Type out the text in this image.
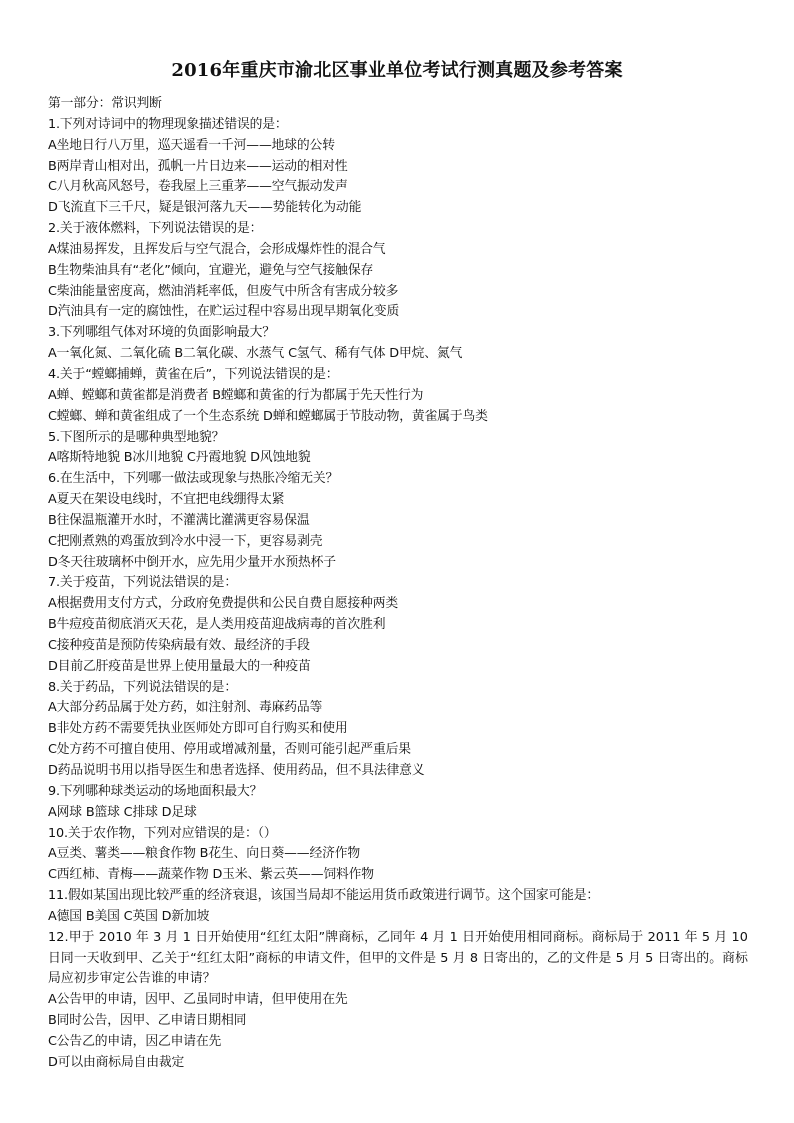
2016年重庆市渝北区事业单位考试行测真题及参考答案
第一部分：常识判断
1.下列对诗词中的物理现象描述错误的是：
A坐地日行八万里，巡天遥看一千河——地球的公转
B两岸青山相对出，孤帆一片日边来——运动的相对性
C八月秋高风怒号，卷我屋上三重茅——空气振动发声
D飞流直下三千尺，疑是银河落九天——势能转化为动能
2.关于液体燃料，下列说法错误的是：
A煤油易挥发，且挥发后与空气混合，会形成爆炸性的混合气
B生物柴油具有“老化”倾向，宜避光，避免与空气接触保存
C柴油能量密度高，燃油消耗率低，但废气中所含有害成分较多
D汽油具有一定的腐蚀性，在贮运过程中容易出现早期氧化变质
3.下列哪组气体对环境的负面影响最大？
A一氧化氮、二氧化硫 B二氧化碳、水蒸气 C氢气、稀有气体 D甲烷、氮气
4.关于“螳螂捕蝉，黄雀在后”，下列说法错误的是：
A蝉、螳螂和黄雀都是消费者 B螳螂和黄雀的行为都属于先天性行为
C螳螂、蝉和黄雀组成了一个生态系统 D蝉和螳螂属于节肢动物，黄雀属于鸟类
5.下图所示的是哪种典型地貌？
A喀斯特地貌 B冰川地貌 C丹霞地貌 D风蚀地貌
6.在生活中，下列哪一做法或现象与热胀冷缩无关？
A夏天在架设电线时，不宜把电线绷得太紧
B往保温瓶灌开水时，不灌满比灌满更容易保温
C把刚煮熟的鸡蛋放到冷水中浸一下，更容易剥壳
D冬天往玻璃杯中倒开水，应先用少量开水预热杯子
7.关于疫苗，下列说法错误的是：
A根据费用支付方式，分政府免费提供和公民自费自愿接种两类
B牛痘疫苗彻底消灭天花，是人类用疫苗迎战病毒的首次胜利
C接种疫苗是预防传染病最有效、最经济的手段
D目前乙肝疫苗是世界上使用量最大的一种疫苗
8.关于药品，下列说法错误的是：
A大部分药品属于处方药，如注射剂、毒麻药品等
B非处方药不需要凭执业医师处方即可自行购买和使用
C处方药不可擅自使用、停用或增减剂量，否则可能引起严重后果
D药品说明书用以指导医生和患者选择、使用药品，但不具法律意义
9.下列哪种球类运动的场地面积最大？
A网球 B篮球 C排球 D足球
10.关于农作物，下列对应错误的是：（）
A豆类、薯类——粮食作物 B花生、向日葵——经济作物
C西红柿、青梅——蔬菜作物 D玉米、紫云英——饲料作物
11.假如某国出现比较严重的经济衰退，该国当局却不能运用货币政策进行调节。这个国家可能是：
A德国 B美国 C英国 D新加坡
12.甲于 2010 年 3 月 1 日开始使用“红红太阳”牌商标，乙同年 4 月 1 日开始使用相同商标。商标局于 2011 年 5 月 10 日同一天收到甲、乙关于“红红太阳”商标的申请文件，但甲的文件是 5 月 8 日寄出的，乙的文件是 5 月 5 日寄出的。商标局应初步审定公告谁的申请？
A公告甲的申请，因甲、乙虽同时申请，但甲使用在先
B同时公告，因甲、乙申请日期相同
C公告乙的申请，因乙申请在先
D可以由商标局自由裁定
